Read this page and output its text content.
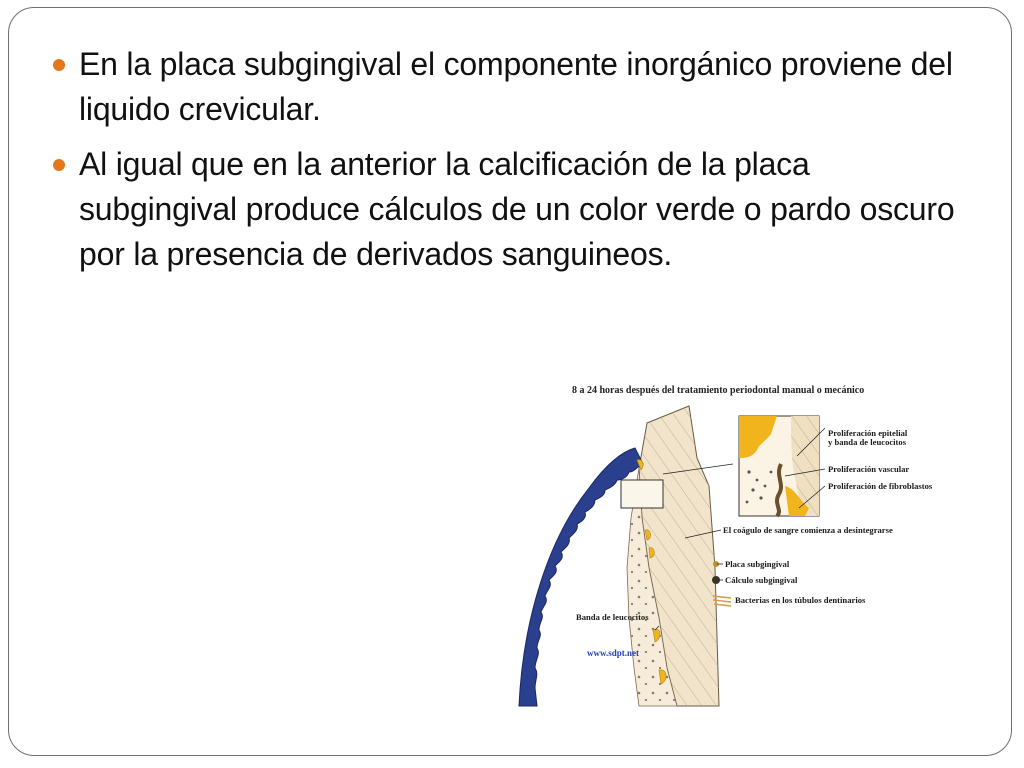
En la placa subgingival el componente inorgánico proviene del liquido crevicular.
Al igual que en la anterior la calcificación de la placa subgingival produce cálculos de un color verde o pardo oscuro por la presencia de derivados sanguineos.
8 a 24 horas después del tratamiento periodontal manual o mecánico
Proliferación epitelial
y banda de leucocitos
Proliferación vascular
Proliferación de fibroblastos
El coágulo de sangre comienza a desintegrarse
Placa subgingival
Cálculo subgingival
Bacterias en los túbulos dentinarios
Banda de leucocitos
www.sdpt.net
